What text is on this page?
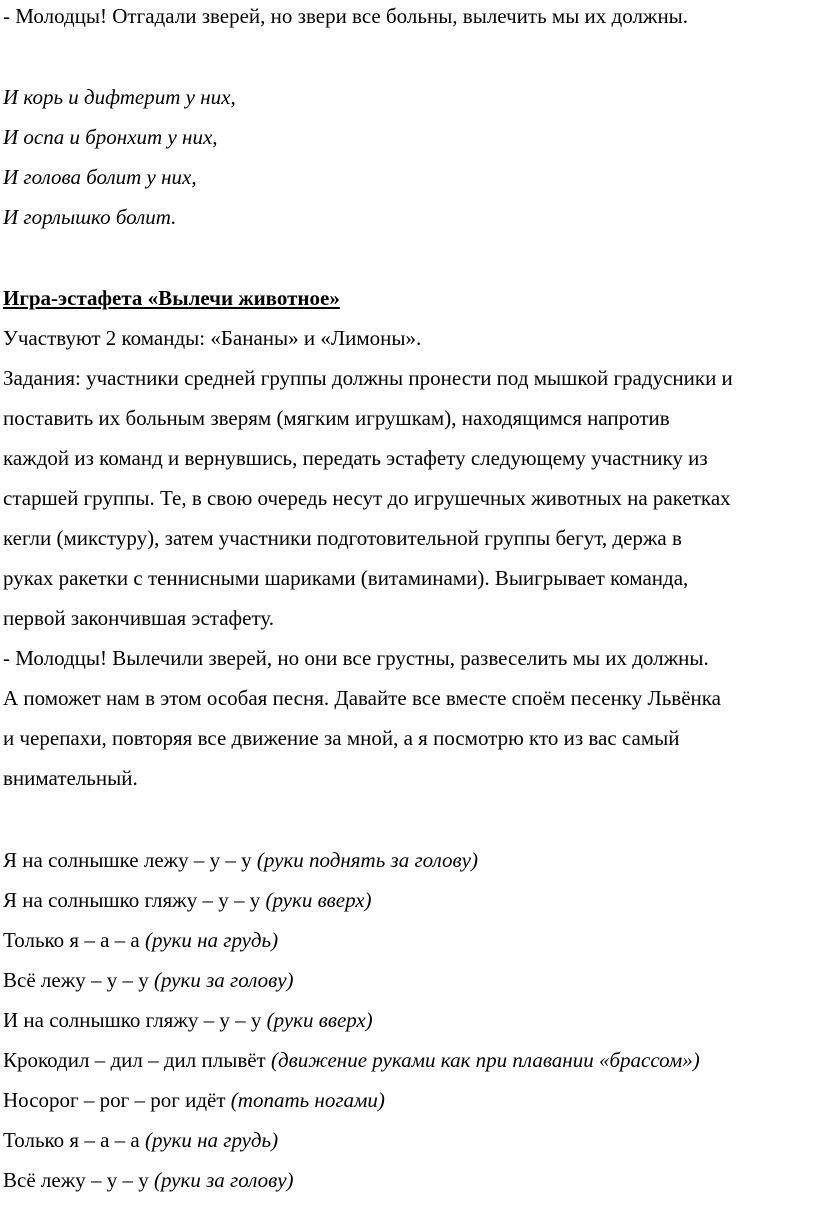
- Молодцы! Отгадали зверей, но звери все больны, вылечить мы их должны.
И корь и дифтерит у них,
И оспа и бронхит у них,
И голова болит у них,
И горлышко болит.
Игра-эстафета «Вылечи животное»
Участвуют 2 команды: «Бананы» и «Лимоны».
Задания: участники средней группы должны пронести под мышкой градусники и
поставить их больным зверям (мягким игрушкам), находящимся напротив
каждой из команд и вернувшись, передать эстафету следующему участнику из
старшей группы. Те, в свою очередь несут до игрушечных животных на ракетках
кегли (микстуру), затем участники подготовительной группы бегут, держа в
руках ракетки с теннисными шариками (витаминами). Выигрывает команда,
первой закончившая эстафету.
- Молодцы! Вылечили зверей, но они все грустны, развеселить мы их должны.
А поможет нам в этом особая песня. Давайте все вместе споём песенку Львёнка
и черепахи, повторяя все движение за мной, а я посмотрю кто из вас самый
внимательный.
Я на солнышке лежу – у – у (руки поднять за голову)
Я на солнышко гляжу – у – у (руки вверх)
Только я – а – а (руки на грудь)
Всё лежу – у – у (руки за голову)
И на солнышко гляжу – у – у (руки вверх)
Крокодил – дил – дил плывёт (движение руками как при плавании «брассом»)
Носорог – рог – рог идёт (топать ногами)
Только я – а – а (руки на грудь)
Всё лежу – у – у (руки за голову)
